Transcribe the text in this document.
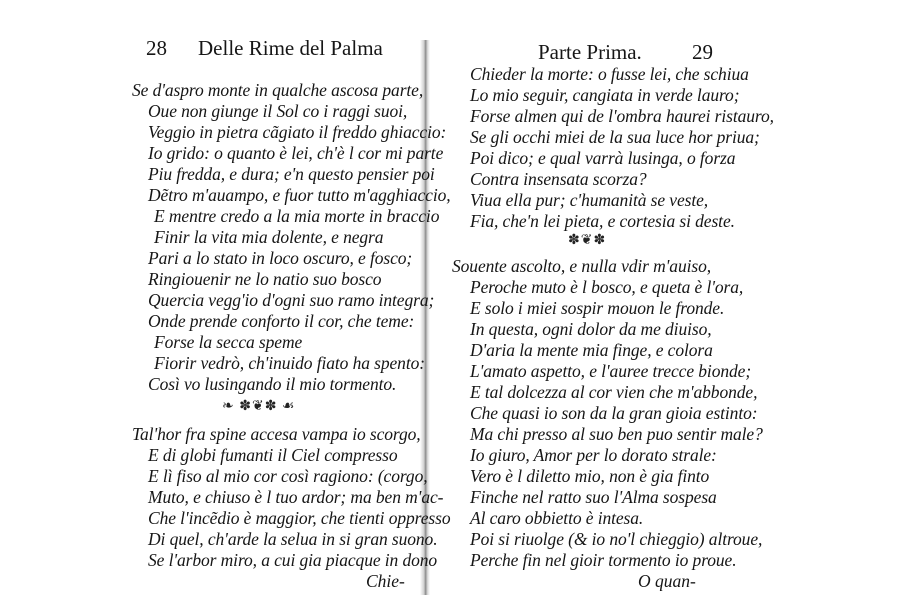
28 Delle Rime del Palma
Se d'aspro monte in qualche ascosa parte,
Oue non giunge il Sol co i raggi suoi,
Veggio in pietra cãgiato il freddo ghiaccio:
Io grido: o quanto è lei, ch'è l cor mi parte
Piu fredda, e dura; e'n questo pensier poi
Dẽtro m'auampo, e fuor tutto m'agghiaccio,
E mentre credo a la mia morte in braccio
Finir la vita mia dolente, e negra
Pari a lo stato in loco oscuro, e fosco;
Ringiouenir ne lo natio suo bosco
Quercia vegg'io d'ogni suo ramo integra;
Onde prende conforto il cor, che teme:
Forse la secca speme
Fiorir vedrò, ch'inuido fiato ha spento:
Così vo lusingando il mio tormento.
❧ ✽❦✽ ☙
Tal'hor fra spine accesa vampa io scorgo,
E di globi fumanti il Ciel compresso
E lì fiso al mio cor così ragiono: (corgo,
Muto, e chiuso è l tuo ardor; ma ben m'ac-
Che l'incẽdio è maggior, che tienti oppresso
Di quel, ch'arde la selua in si gran suono.
Se l'arbor miro, a cui gia piacque in dono
Chie-
Parte Prima. 29
Chieder la morte: o fusse lei, che schiua
Lo mio seguir, cangiata in verde lauro;
Forse almen qui de l'ombra haurei ristauro,
Se gli occhi miei de la sua luce hor priua;
Poi dico; e qual varrà lusinga, o forza
Contra insensata scorza?
Viua ella pur; c'humanità se veste,
Fia, che'n lei pieta, e cortesia si deste.
✽❦✽
Souente ascolto, e nulla vdir m'auiso,
Peroche muto è l bosco, e queta è l'ora,
E solo i miei sospir mouon le fronde.
In questa, ogni dolor da me diuiso,
D'aria la mente mia finge, e colora
L'amato aspetto, e l'auree trecce bionde;
E tal dolcezza al cor vien che m'abbonde,
Che quasi io son da la gran gioia estinto:
Ma chi presso al suo ben puo sentir male?
Io giuro, Amor per lo dorato strale:
Vero è l diletto mio, non è gia finto
Finche nel ratto suo l'Alma sospesa
Al caro obbietto è intesa.
Poi si riuolge (& io no'l chieggio) altroue,
Perche fin nel gioir tormento io proue.
O quan-
